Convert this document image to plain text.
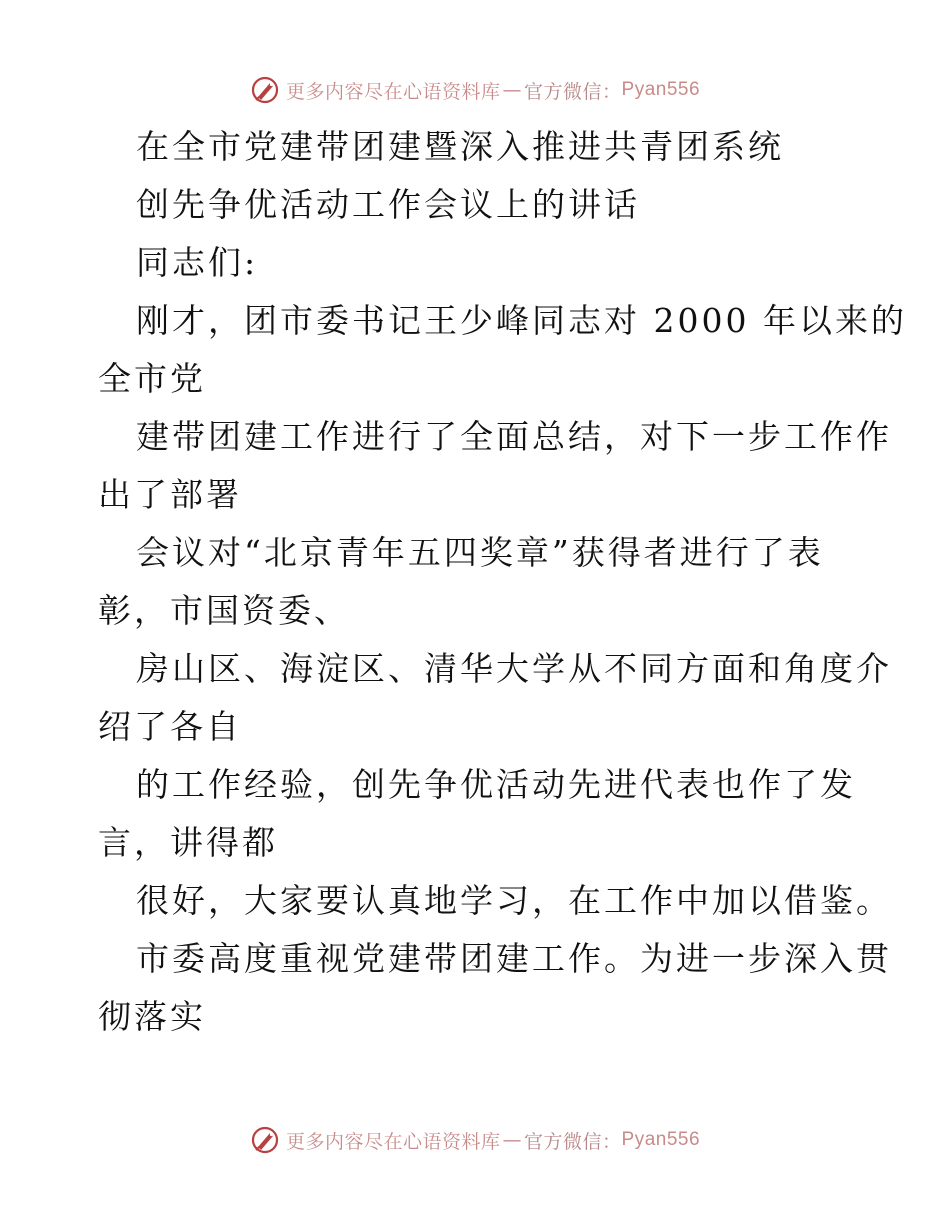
更多内容尽在心语资料库 — 官方微信 ： Pyan556
在全市党建带团建暨深入推进共青团系统
创先争优活动工作会议上的讲话
同志们:
刚才，团市委书记王少峰同志对 2000 年以来的
全市党
建带团建工作进行了全面总结，对下一步工作作
出了部署
会议对“北京青年五四奖章”获得者进行了表
彰，市国资委、
房山区、海淀区、清华大学从不同方面和角度介
绍了各自
的工作经验，创先争优活动先进代表也作了发
言，讲得都
很好，大家要认真地学习，在工作中加以借鉴。
市委高度重视党建带团建工作。为进一步深入贯
彻落实
更多内容尽在心语资料库 — 官方微信 ： Pyan556
